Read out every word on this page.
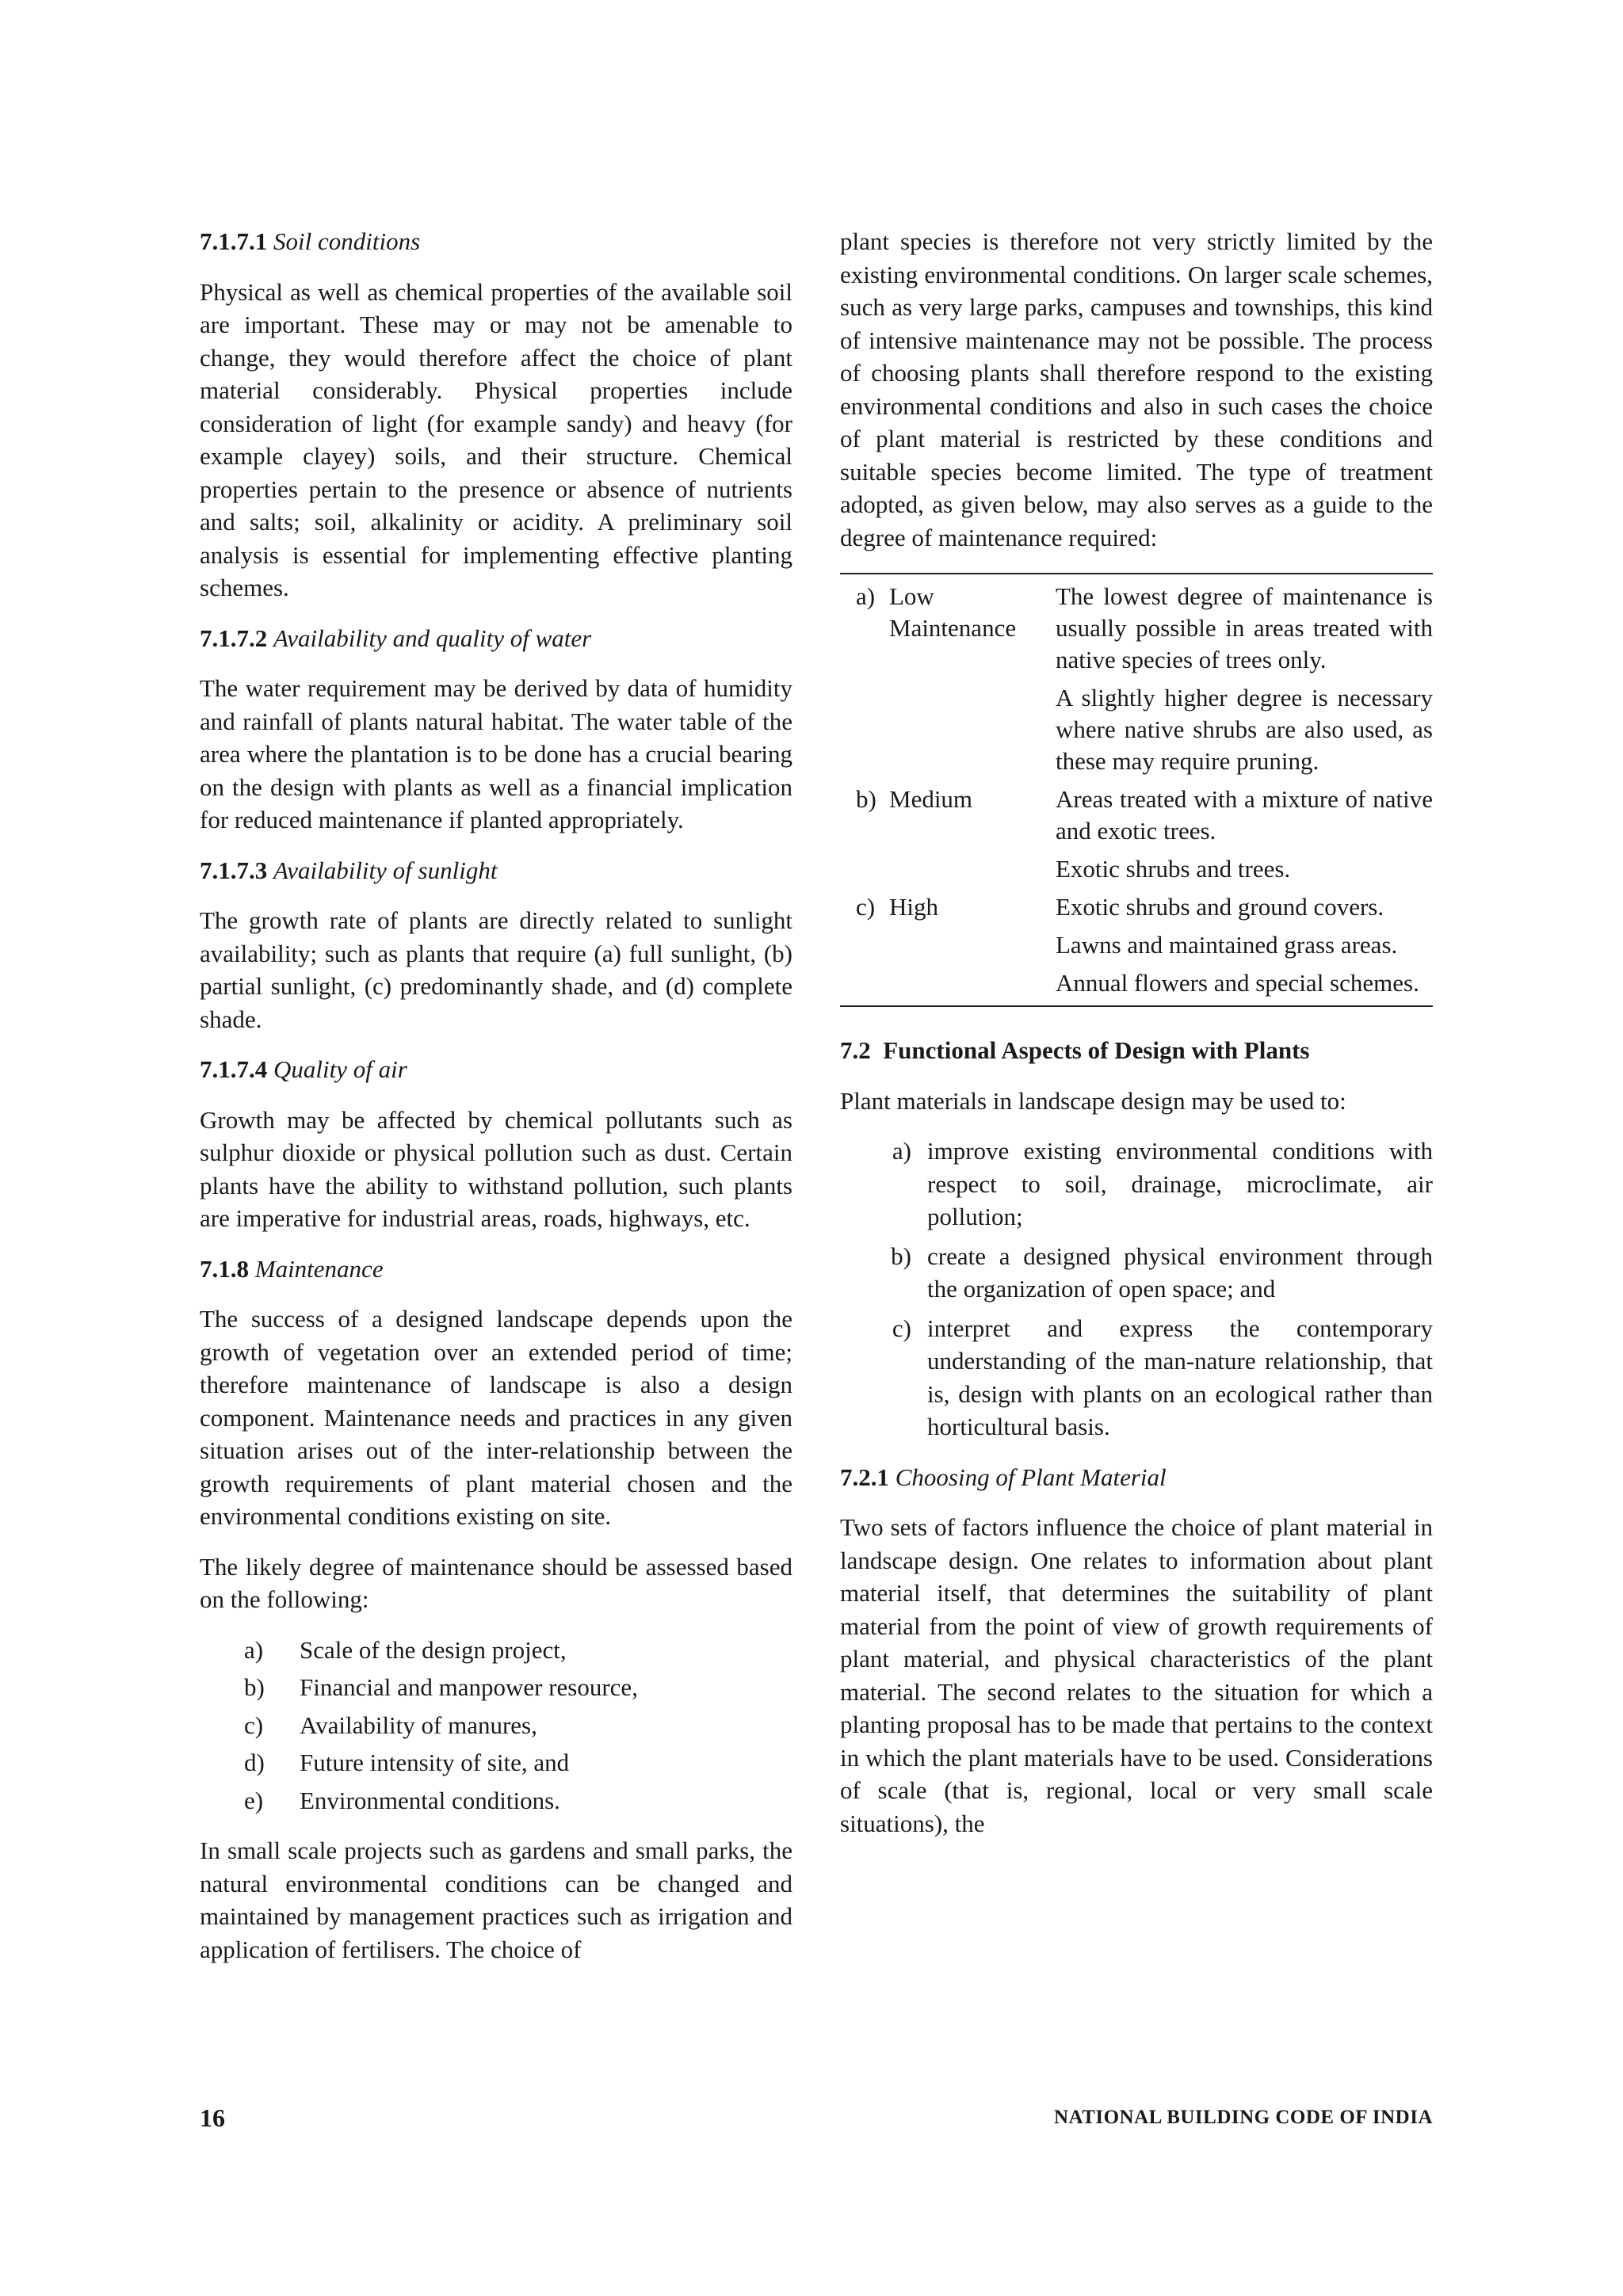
7.1.7.1 Soil conditions

Physical as well as chemical properties of the available soil are important. These may or may not be amenable to change, they would therefore affect the choice of plant material considerably. Physical properties include consideration of light (for example sandy) and heavy (for example clayey) soils, and their structure. Chemical properties pertain to the presence or absence of nutrients and salts; soil, alkalinity or acidity. A preliminary soil analysis is essential for implementing effective planting schemes.

7.1.7.2 Availability and quality of water

The water requirement may be derived by data of humidity and rainfall of plants natural habitat. The water table of the area where the plantation is to be done has a crucial bearing on the design with plants as well as a financial implication for reduced maintenance if planted appropriately.

7.1.7.3 Availability of sunlight

The growth rate of plants are directly related to sunlight availability; such as plants that require (a) full sunlight, (b) partial sunlight, (c) predominantly shade, and (d) complete shade.

7.1.7.4 Quality of air

Growth may be affected by chemical pollutants such as sulphur dioxide or physical pollution such as dust. Certain plants have the ability to withstand pollution, such plants are imperative for industrial areas, roads, highways, etc.

7.1.8 Maintenance

The success of a designed landscape depends upon the growth of vegetation over an extended period of time; therefore maintenance of landscape is also a design component. Maintenance needs and practices in any given situation arises out of the inter-relationship between the growth requirements of plant material chosen and the environmental conditions existing on site.

The likely degree of maintenance should be assessed based on the following:

a)	Scale of the design project,
b)	Financial and manpower resource,
c)	Availability of manures,
d)	Future intensity of site, and
e)	Environmental conditions.

In small scale projects such as gardens and small parks, the natural environmental conditions can be changed and maintained by management practices such as irrigation and application of fertilisers. The choice of

plant species is therefore not very strictly limited by the existing environmental conditions. On larger scale schemes, such as very large parks, campuses and townships, this kind of intensive maintenance may not be possible. The process of choosing plants shall therefore respond to the existing environmental conditions and also in such cases the choice of plant material is restricted by these conditions and suitable species become limited. The type of treatment adopted, as given below, may also serves as a guide to the degree of maintenance required:

a)	Low Maintenance	The lowest degree of maintenance is usually possible in areas treated with native species of trees only.
		A slightly higher degree is necessary where native shrubs are also used, as these may require pruning.
b)	Medium	Areas treated with a mixture of native and exotic trees.
		Exotic shrubs and trees.
c)	High	Exotic shrubs and ground covers.
		Lawns and maintained grass areas.
		Annual flowers and special schemes.
7.2 Functional Aspects of Design with Plants

Plant materials in landscape design may be used to:

a) improve existing environmental conditions with respect to soil, drainage, microclimate, air pollution;
b) create a designed physical environment through the organization of open space; and
c) interpret and express the contemporary understanding of the man-nature relationship, that is, design with plants on an ecological rather than horticultural basis.
7.2.1 Choosing of Plant Material

Two sets of factors influence the choice of plant material in landscape design. One relates to information about plant material itself, that determines the suitability of plant material from the point of view of growth requirements of plant material, and physical characteristics of the plant material. The second relates to the situation for which a planting proposal has to be made that pertains to the context in which the plant materials have to be used. Considerations of scale (that is, regional, local or very small scale situations), the

16	NATIONAL BUILDING CODE OF INDIA
